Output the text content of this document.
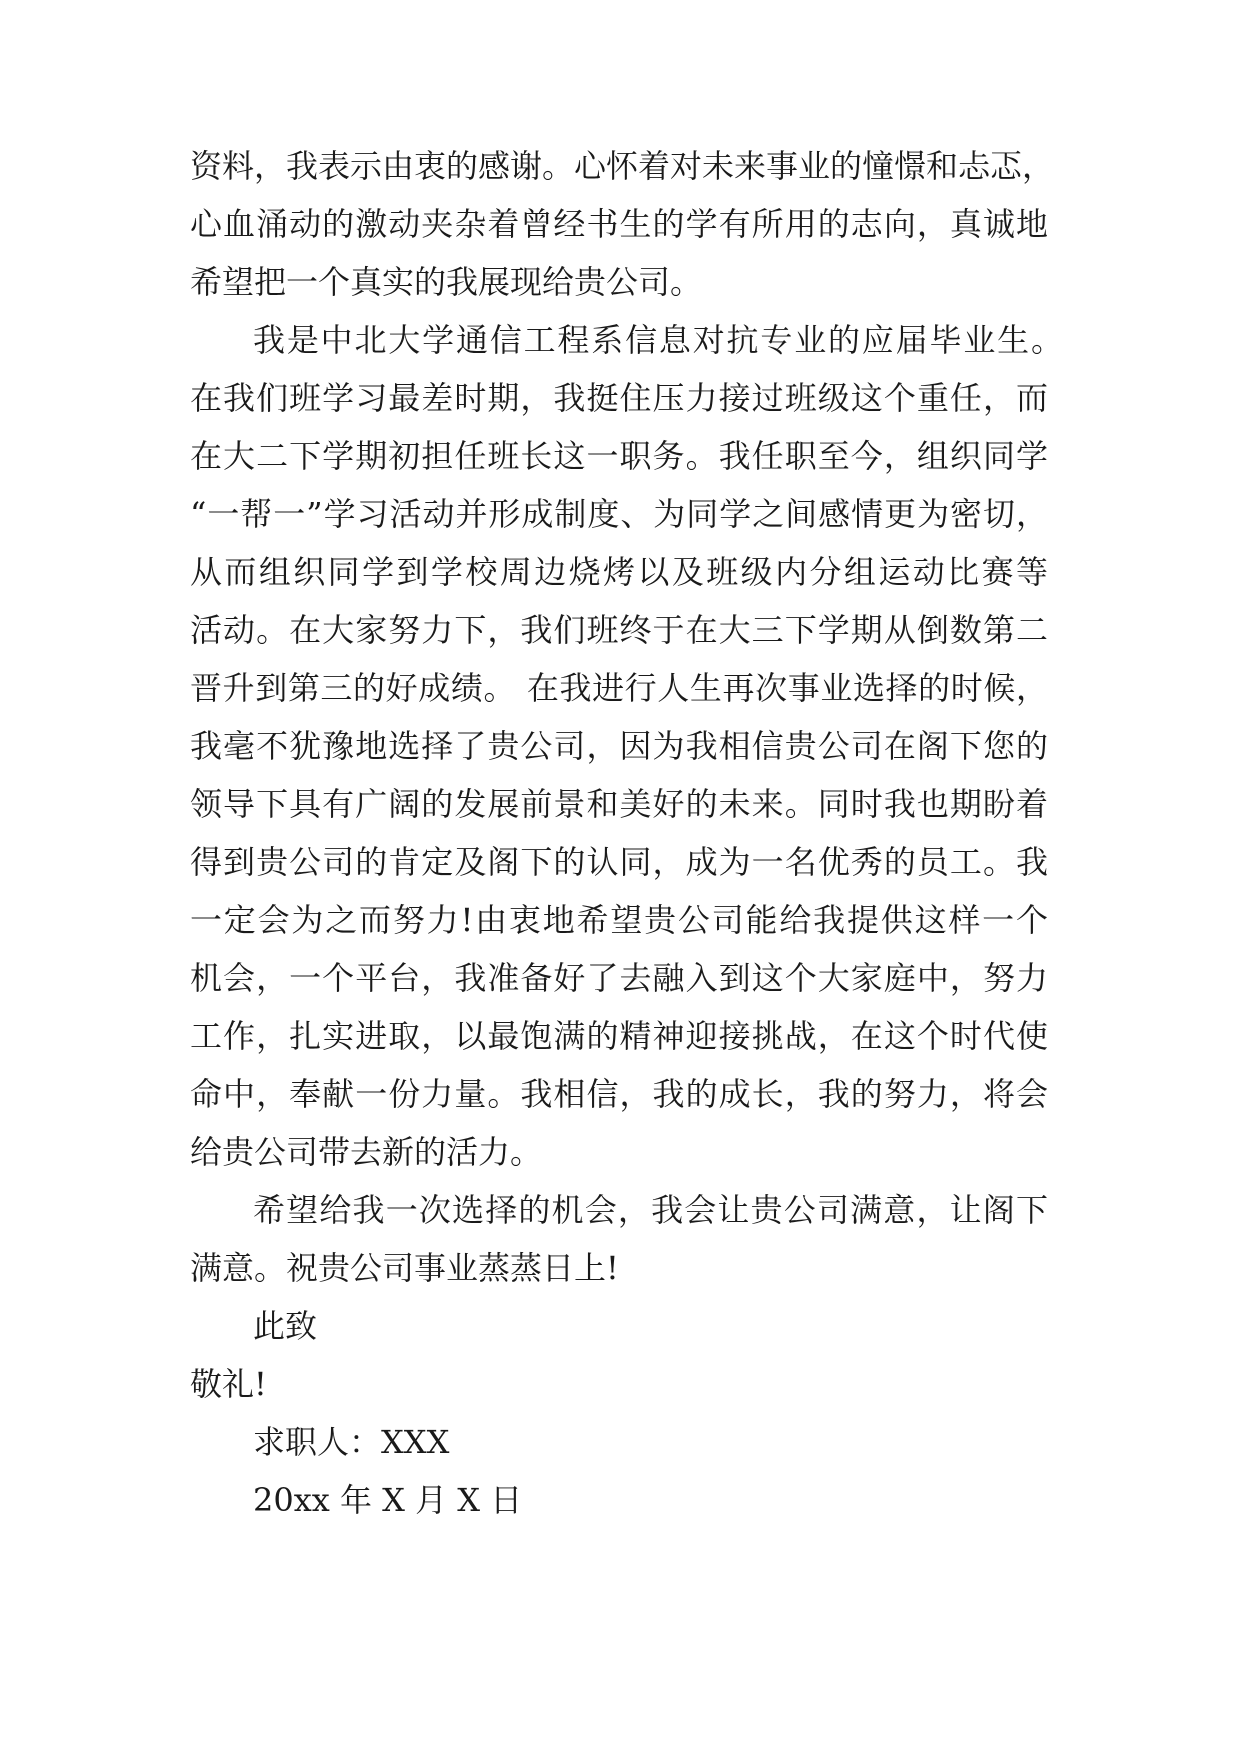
资料，我表示由衷的感谢。心怀着对未来事业的憧憬和忐忑，
心血涌动的激动夹杂着曾经书生的学有所用的志向，真诚地
希望把一个真实的我展现给贵公司。
我是中北大学通信工程系信息对抗专业的应届毕业生。
在我们班学习最差时期，我挺住压力接过班级这个重任，而
在大二下学期初担任班长这一职务。我任职至今，组织同学
“一帮一”学习活动并形成制度、为同学之间感情更为密切，
从而组织同学到学校周边烧烤以及班级内分组运动比赛等
活动。在大家努力下，我们班终于在大三下学期从倒数第二
晋升到第三的好成绩。 在我进行人生再次事业选择的时候，
我毫不犹豫地选择了贵公司，因为我相信贵公司在阁下您的
领导下具有广阔的发展前景和美好的未来。同时我也期盼着
得到贵公司的肯定及阁下的认同，成为一名优秀的员工。我
一定会为之而努力!由衷地希望贵公司能给我提供这样一个
机会，一个平台，我准备好了去融入到这个大家庭中，努力
工作，扎实进取，以最饱满的精神迎接挑战，在这个时代使
命中，奉献一份力量。我相信，我的成长，我的努力，将会
给贵公司带去新的活力。
希望给我一次选择的机会，我会让贵公司满意，让阁下
满意。祝贵公司事业蒸蒸日上!
此致
敬礼!
求职人：XXX
20xx 年 X 月 X 日
